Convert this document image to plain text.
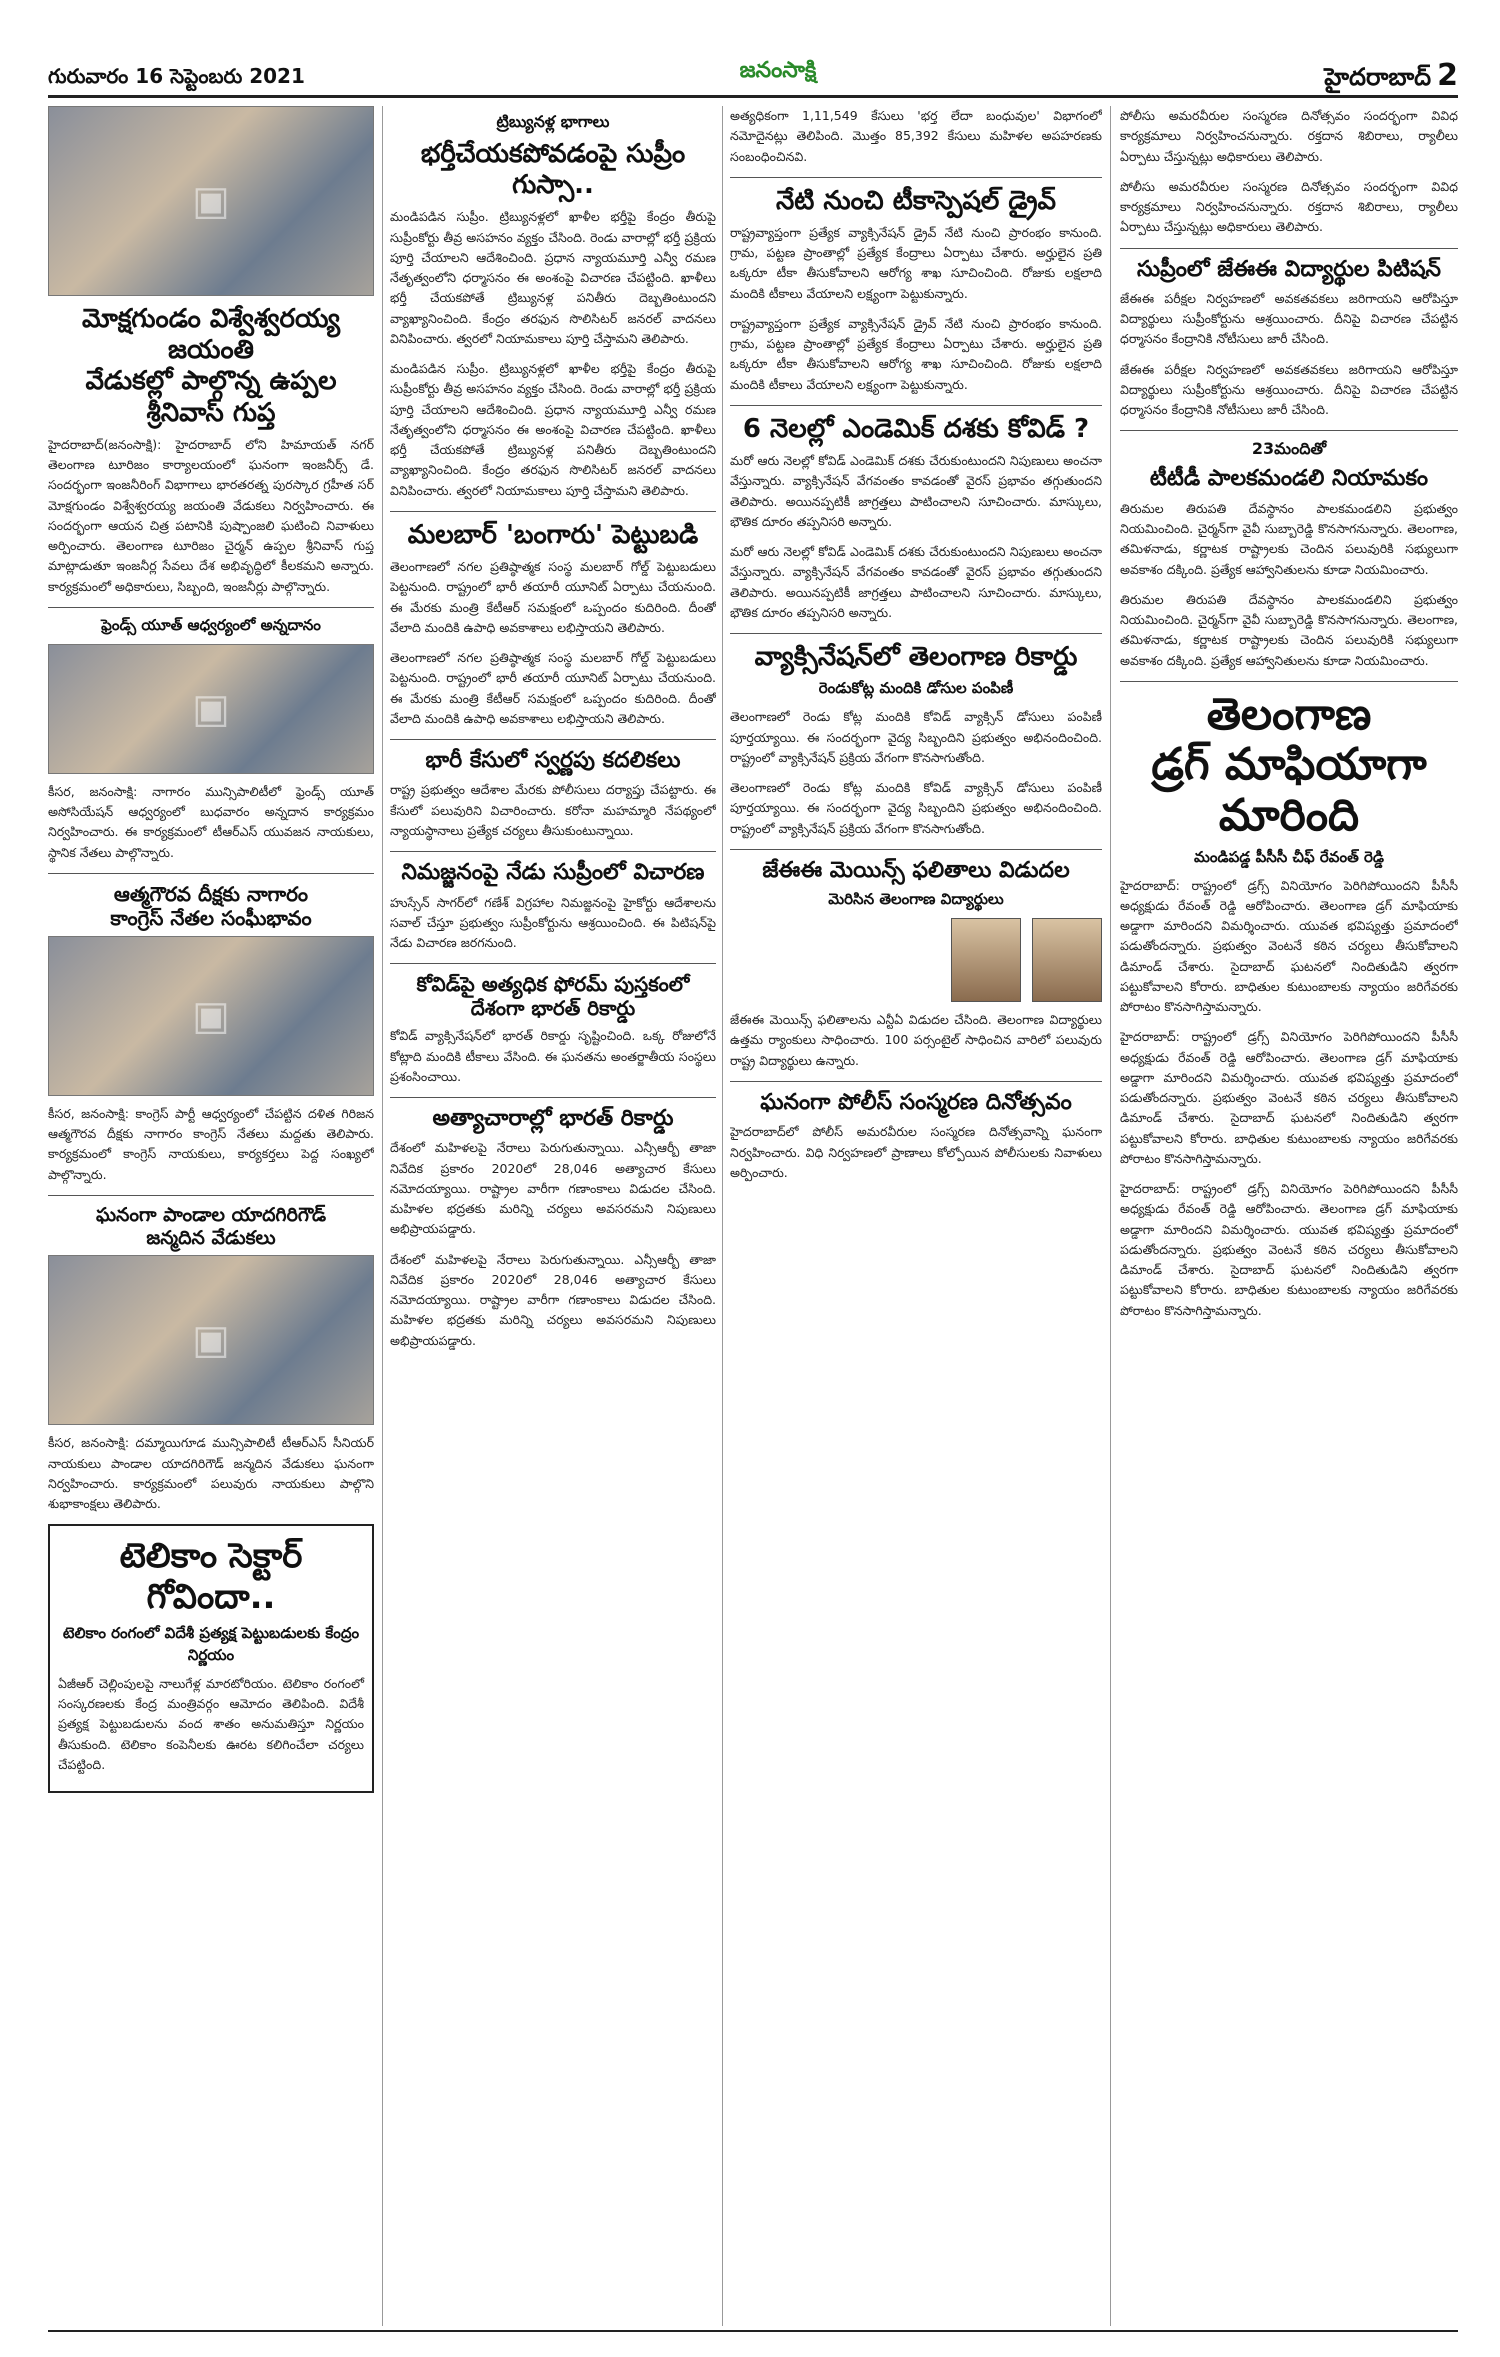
గురువారం 16 సెప్టెంబరు 2021	జనంసాక్షి	హైదరాబాద్ 2
▣
మోక్షగుండం విశ్వేశ్వరయ్య జయంతి
వేడుకల్లో పాల్గొన్న ఉప్పల శ్రీనివాస్ గుప్త
హైదరాబాద్(జనంసాక్షి): హైదరాబాద్ లోని హిమాయత్ నగర్ తెలంగాణ టూరిజం కార్యాలయంలో ఘనంగా ఇంజనీర్స్ డే. సందర్భంగా ఇంజనీరింగ్ విభాగాలు భారతరత్న పురస్కార గ్రహీత సర్ మోక్షగుండం విశ్వేశ్వరయ్య జయంతి వేడుకలు నిర్వహించారు. ఈ సందర్భంగా ఆయన చిత్ర పటానికి పుష్పాంజలి ఘటించి నివాళులు అర్పించారు. తెలంగాణ టూరిజం చైర్మన్ ఉప్పల శ్రీనివాస్ గుప్త మాట్లాడుతూ ఇంజనీర్ల సేవలు దేశ అభివృద్ధిలో కీలకమని అన్నారు. కార్యక్రమంలో అధికారులు, సిబ్బంది, ఇంజనీర్లు పాల్గొన్నారు.
ఫ్రెండ్స్ యూత్ ఆధ్వర్యంలో అన్నదానం
▣
కీసర, జనంసాక్షి: నాగారం మున్సిపాలిటీలో ఫ్రెండ్స్ యూత్ అసోసియేషన్ ఆధ్వర్యంలో బుధవారం అన్నదాన కార్యక్రమం నిర్వహించారు. ఈ కార్యక్రమంలో టీఆర్ఎస్ యువజన నాయకులు, స్థానిక నేతలు పాల్గొన్నారు.
ఆత్మగౌరవ దీక్షకు నాగారం
కాంగ్రెస్ నేతల సంఘీభావం
▣
కీసర, జనంసాక్షి: కాంగ్రెస్ పార్టీ ఆధ్వర్యంలో చేపట్టిన దళిత గిరిజన ఆత్మగౌరవ దీక్షకు నాగారం కాంగ్రెస్ నేతలు మద్దతు తెలిపారు. కార్యక్రమంలో కాంగ్రెస్ నాయకులు, కార్యకర్తలు పెద్ద సంఖ్యలో పాల్గొన్నారు.
ఘనంగా పాండాల యాదగిరిగౌడ్
జన్మదిన వేడుకలు
▣
కీసర, జనంసాక్షి: దమ్మాయిగూడ మున్సిపాలిటీ టీఆర్ఎస్ సీనియర్ నాయకులు పాండాల యాదగిరిగౌడ్ జన్మదిన వేడుకలు ఘనంగా నిర్వహించారు. కార్యక్రమంలో పలువురు నాయకులు పాల్గొని శుభాకాంక్షలు తెలిపారు.
టెలికాం సెక్టార్ గోవిందా..
టెలికాం రంగంలో విదేశీ ప్రత్యక్ష పెట్టుబడులకు కేంద్రం నిర్ణయం
ఏజీఆర్ చెల్లింపులపై నాలుగేళ్ల మారటోరియం. టెలికాం రంగంలో సంస్కరణలకు కేంద్ర మంత్రివర్గం ఆమోదం తెలిపింది. విదేశీ ప్రత్యక్ష పెట్టుబడులను వంద శాతం అనుమతిస్తూ నిర్ణయం తీసుకుంది. టెలికాం కంపెనీలకు ఊరట కలిగించేలా చర్యలు చేపట్టింది.
ట్రిబ్యునళ్ల భాగాలు
భర్తీచేయకపోవడంపై సుప్రీం గుస్సా..
మండిపడిన సుప్రీం. ట్రిబ్యునళ్లలో ఖాళీల భర్తీపై కేంద్రం తీరుపై సుప్రీంకోర్టు తీవ్ర అసహనం వ్యక్తం చేసింది. రెండు వారాల్లో భర్తీ ప్రక్రియ పూర్తి చేయాలని ఆదేశించింది. ప్రధాన న్యాయమూర్తి ఎన్వీ రమణ నేతృత్వంలోని ధర్మాసనం ఈ అంశంపై విచారణ చేపట్టింది. ఖాళీలు భర్తీ చేయకపోతే ట్రిబ్యునళ్ల పనితీరు దెబ్బతింటుందని వ్యాఖ్యానించింది. కేంద్రం తరఫున సొలిసిటర్ జనరల్ వాదనలు వినిపించారు. త్వరలో నియామకాలు పూర్తి చేస్తామని తెలిపారు.
మండిపడిన సుప్రీం. ట్రిబ్యునళ్లలో ఖాళీల భర్తీపై కేంద్రం తీరుపై సుప్రీంకోర్టు తీవ్ర అసహనం వ్యక్తం చేసింది. రెండు వారాల్లో భర్తీ ప్రక్రియ పూర్తి చేయాలని ఆదేశించింది. ప్రధాన న్యాయమూర్తి ఎన్వీ రమణ నేతృత్వంలోని ధర్మాసనం ఈ అంశంపై విచారణ చేపట్టింది. ఖాళీలు భర్తీ చేయకపోతే ట్రిబ్యునళ్ల పనితీరు దెబ్బతింటుందని వ్యాఖ్యానించింది. కేంద్రం తరఫున సొలిసిటర్ జనరల్ వాదనలు వినిపించారు. త్వరలో నియామకాలు పూర్తి చేస్తామని తెలిపారు.
మలబార్ 'బంగారు' పెట్టుబడి
తెలంగాణలో నగల ప్రతిష్ఠాత్మక సంస్థ మలబార్ గోల్డ్ పెట్టుబడులు పెట్టనుంది. రాష్ట్రంలో భారీ తయారీ యూనిట్ ఏర్పాటు చేయనుంది. ఈ మేరకు మంత్రి కేటీఆర్ సమక్షంలో ఒప్పందం కుదిరింది. దీంతో వేలాది మందికి ఉపాధి అవకాశాలు లభిస్తాయని తెలిపారు.
తెలంగాణలో నగల ప్రతిష్ఠాత్మక సంస్థ మలబార్ గోల్డ్ పెట్టుబడులు పెట్టనుంది. రాష్ట్రంలో భారీ తయారీ యూనిట్ ఏర్పాటు చేయనుంది. ఈ మేరకు మంత్రి కేటీఆర్ సమక్షంలో ఒప్పందం కుదిరింది. దీంతో వేలాది మందికి ఉపాధి అవకాశాలు లభిస్తాయని తెలిపారు.
భారీ కేసులో స్వర్ణపు కదలికలు
రాష్ట్ర ప్రభుత్వం ఆదేశాల మేరకు పోలీసులు దర్యాప్తు చేపట్టారు. ఈ కేసులో పలువురిని విచారించారు. కరోనా మహమ్మారి నేపథ్యంలో న్యాయస్థానాలు ప్రత్యేక చర్యలు తీసుకుంటున్నాయి.
నిమజ్జనంపై నేడు సుప్రీంలో విచారణ
హుస్సేన్ సాగర్‌లో గణేశ్ విగ్రహాల నిమజ్జనంపై హైకోర్టు ఆదేశాలను సవాల్ చేస్తూ ప్రభుత్వం సుప్రీంకోర్టును ఆశ్రయించింది. ఈ పిటిషన్‌పై నేడు విచారణ జరగనుంది.
కోవిడ్‌పై అత్యధిక ఫోరమ్ పుస్తకంలో
దేశంగా భారత్ రికార్డు
కోవిడ్ వ్యాక్సినేషన్‌లో భారత్ రికార్డు సృష్టించింది. ఒక్క రోజులోనే కోట్లాది మందికి టీకాలు వేసింది. ఈ ఘనతను అంతర్జాతీయ సంస్థలు ప్రశంసించాయి.
అత్యాచారాల్లో భారత్ రికార్డు
దేశంలో మహిళలపై నేరాలు పెరుగుతున్నాయి. ఎన్సీఆర్బీ తాజా నివేదిక ప్రకారం 2020లో 28,046 అత్యాచార కేసులు నమోదయ్యాయి. రాష్ట్రాల వారీగా గణాంకాలు విడుదల చేసింది. మహిళల భద్రతకు మరిన్ని చర్యలు అవసరమని నిపుణులు అభిప్రాయపడ్డారు.
దేశంలో మహిళలపై నేరాలు పెరుగుతున్నాయి. ఎన్సీఆర్బీ తాజా నివేదిక ప్రకారం 2020లో 28,046 అత్యాచార కేసులు నమోదయ్యాయి. రాష్ట్రాల వారీగా గణాంకాలు విడుదల చేసింది. మహిళల భద్రతకు మరిన్ని చర్యలు అవసరమని నిపుణులు అభిప్రాయపడ్డారు.
అత్యధికంగా 1,11,549 కేసులు 'భర్త లేదా బంధువుల' విభాగంలో నమోదైనట్లు తెలిపింది. మొత్తం 85,392 కేసులు మహిళల అపహరణకు సంబంధించినవి.
నేటి నుంచి టీకాస్పెషల్ డ్రైవ్
రాష్ట్రవ్యాప్తంగా ప్రత్యేక వ్యాక్సినేషన్ డ్రైవ్ నేటి నుంచి ప్రారంభం కానుంది. గ్రామ, పట్టణ ప్రాంతాల్లో ప్రత్యేక కేంద్రాలు ఏర్పాటు చేశారు. అర్హులైన ప్రతి ఒక్కరూ టీకా తీసుకోవాలని ఆరోగ్య శాఖ సూచించింది. రోజుకు లక్షలాది మందికి టీకాలు వేయాలని లక్ష్యంగా పెట్టుకున్నారు.
రాష్ట్రవ్యాప్తంగా ప్రత్యేక వ్యాక్సినేషన్ డ్రైవ్ నేటి నుంచి ప్రారంభం కానుంది. గ్రామ, పట్టణ ప్రాంతాల్లో ప్రత్యేక కేంద్రాలు ఏర్పాటు చేశారు. అర్హులైన ప్రతి ఒక్కరూ టీకా తీసుకోవాలని ఆరోగ్య శాఖ సూచించింది. రోజుకు లక్షలాది మందికి టీకాలు వేయాలని లక్ష్యంగా పెట్టుకున్నారు.
6 నెలల్లో ఎండెమిక్ దశకు కోవిడ్ ?
మరో ఆరు నెలల్లో కోవిడ్ ఎండెమిక్ దశకు చేరుకుంటుందని నిపుణులు అంచనా వేస్తున్నారు. వ్యాక్సినేషన్ వేగవంతం కావడంతో వైరస్ ప్రభావం తగ్గుతుందని తెలిపారు. అయినప్పటికీ జాగ్రత్తలు పాటించాలని సూచించారు. మాస్కులు, భౌతిక దూరం తప్పనిసరి అన్నారు.
మరో ఆరు నెలల్లో కోవిడ్ ఎండెమిక్ దశకు చేరుకుంటుందని నిపుణులు అంచనా వేస్తున్నారు. వ్యాక్సినేషన్ వేగవంతం కావడంతో వైరస్ ప్రభావం తగ్గుతుందని తెలిపారు. అయినప్పటికీ జాగ్రత్తలు పాటించాలని సూచించారు. మాస్కులు, భౌతిక దూరం తప్పనిసరి అన్నారు.
వ్యాక్సినేషన్‌లో తెలంగాణ రికార్డు
రెండుకోట్ల మందికి డోసుల పంపిణీ
తెలంగాణలో రెండు కోట్ల మందికి కోవిడ్ వ్యాక్సిన్ డోసులు పంపిణీ పూర్తయ్యాయి. ఈ సందర్భంగా వైద్య సిబ్బందిని ప్రభుత్వం అభినందించింది. రాష్ట్రంలో వ్యాక్సినేషన్ ప్రక్రియ వేగంగా కొనసాగుతోంది.
తెలంగాణలో రెండు కోట్ల మందికి కోవిడ్ వ్యాక్సిన్ డోసులు పంపిణీ పూర్తయ్యాయి. ఈ సందర్భంగా వైద్య సిబ్బందిని ప్రభుత్వం అభినందించింది. రాష్ట్రంలో వ్యాక్సినేషన్ ప్రక్రియ వేగంగా కొనసాగుతోంది.
జేఈఈ మెయిన్స్ ఫలితాలు విడుదల
మెరిసిన తెలంగాణ విద్యార్థులు

జేఈఈ మెయిన్స్ ఫలితాలను ఎన్టీఏ విడుదల చేసింది. తెలంగాణ విద్యార్థులు ఉత్తమ ర్యాంకులు సాధించారు. 100 పర్సంటైల్ సాధించిన వారిలో పలువురు రాష్ట్ర విద్యార్థులు ఉన్నారు.
ఘనంగా పోలీస్ సంస్మరణ దినోత్సవం
హైదరాబాద్‌లో పోలీస్ అమరవీరుల సంస్మరణ దినోత్సవాన్ని ఘనంగా నిర్వహించారు. విధి నిర్వహణలో ప్రాణాలు కోల్పోయిన పోలీసులకు నివాళులు అర్పించారు.
పోలీసు అమరవీరుల సంస్మరణ దినోత్సవం సందర్భంగా వివిధ కార్యక్రమాలు నిర్వహించనున్నారు. రక్తదాన శిబిరాలు, ర్యాలీలు ఏర్పాటు చేస్తున్నట్లు అధికారులు తెలిపారు.
పోలీసు అమరవీరుల సంస్మరణ దినోత్సవం సందర్భంగా వివిధ కార్యక్రమాలు నిర్వహించనున్నారు. రక్తదాన శిబిరాలు, ర్యాలీలు ఏర్పాటు చేస్తున్నట్లు అధికారులు తెలిపారు.
సుప్రీంలో జేఈఈ విద్యార్థుల పిటిషన్
జేఈఈ పరీక్షల నిర్వహణలో అవకతవకలు జరిగాయని ఆరోపిస్తూ విద్యార్థులు సుప్రీంకోర్టును ఆశ్రయించారు. దీనిపై విచారణ చేపట్టిన ధర్మాసనం కేంద్రానికి నోటీసులు జారీ చేసింది.
జేఈఈ పరీక్షల నిర్వహణలో అవకతవకలు జరిగాయని ఆరోపిస్తూ విద్యార్థులు సుప్రీంకోర్టును ఆశ్రయించారు. దీనిపై విచారణ చేపట్టిన ధర్మాసనం కేంద్రానికి నోటీసులు జారీ చేసింది.
23మందితో
టీటీడీ పాలకమండలి నియామకం
తిరుమల తిరుపతి దేవస్థానం పాలకమండలిని ప్రభుత్వం నియమించింది. చైర్మన్‌గా వైవీ సుబ్బారెడ్డి కొనసాగనున్నారు. తెలంగాణ, తమిళనాడు, కర్ణాటక రాష్ట్రాలకు చెందిన పలువురికి సభ్యులుగా అవకాశం దక్కింది. ప్రత్యేక ఆహ్వానితులను కూడా నియమించారు.
తిరుమల తిరుపతి దేవస్థానం పాలకమండలిని ప్రభుత్వం నియమించింది. చైర్మన్‌గా వైవీ సుబ్బారెడ్డి కొనసాగనున్నారు. తెలంగాణ, తమిళనాడు, కర్ణాటక రాష్ట్రాలకు చెందిన పలువురికి సభ్యులుగా అవకాశం దక్కింది. ప్రత్యేక ఆహ్వానితులను కూడా నియమించారు.
తెలంగాణ
డ్రగ్ మాఫియాగా మారింది
మండిపడ్డ పీసీసీ చీఫ్ రేవంత్ రెడ్డి
హైదరాబాద్: రాష్ట్రంలో డ్రగ్స్ వినియోగం పెరిగిపోయిందని పీసీసీ అధ్యక్షుడు రేవంత్ రెడ్డి ఆరోపించారు. తెలంగాణ డ్రగ్ మాఫియాకు అడ్డాగా మారిందని విమర్శించారు. యువత భవిష్యత్తు ప్రమాదంలో పడుతోందన్నారు. ప్రభుత్వం వెంటనే కఠిన చర్యలు తీసుకోవాలని డిమాండ్ చేశారు. సైదాబాద్ ఘటనలో నిందితుడిని త్వరగా పట్టుకోవాలని కోరారు. బాధితుల కుటుంబాలకు న్యాయం జరిగేవరకు పోరాటం కొనసాగిస్తామన్నారు.
హైదరాబాద్: రాష్ట్రంలో డ్రగ్స్ వినియోగం పెరిగిపోయిందని పీసీసీ అధ్యక్షుడు రేవంత్ రెడ్డి ఆరోపించారు. తెలంగాణ డ్రగ్ మాఫియాకు అడ్డాగా మారిందని విమర్శించారు. యువత భవిష్యత్తు ప్రమాదంలో పడుతోందన్నారు. ప్రభుత్వం వెంటనే కఠిన చర్యలు తీసుకోవాలని డిమాండ్ చేశారు. సైదాబాద్ ఘటనలో నిందితుడిని త్వరగా పట్టుకోవాలని కోరారు. బాధితుల కుటుంబాలకు న్యాయం జరిగేవరకు పోరాటం కొనసాగిస్తామన్నారు.
హైదరాబాద్: రాష్ట్రంలో డ్రగ్స్ వినియోగం పెరిగిపోయిందని పీసీసీ అధ్యక్షుడు రేవంత్ రెడ్డి ఆరోపించారు. తెలంగాణ డ్రగ్ మాఫియాకు అడ్డాగా మారిందని విమర్శించారు. యువత భవిష్యత్తు ప్రమాదంలో పడుతోందన్నారు. ప్రభుత్వం వెంటనే కఠిన చర్యలు తీసుకోవాలని డిమాండ్ చేశారు. సైదాబాద్ ఘటనలో నిందితుడిని త్వరగా పట్టుకోవాలని కోరారు. బాధితుల కుటుంబాలకు న్యాయం జరిగేవరకు పోరాటం కొనసాగిస్తామన్నారు.
